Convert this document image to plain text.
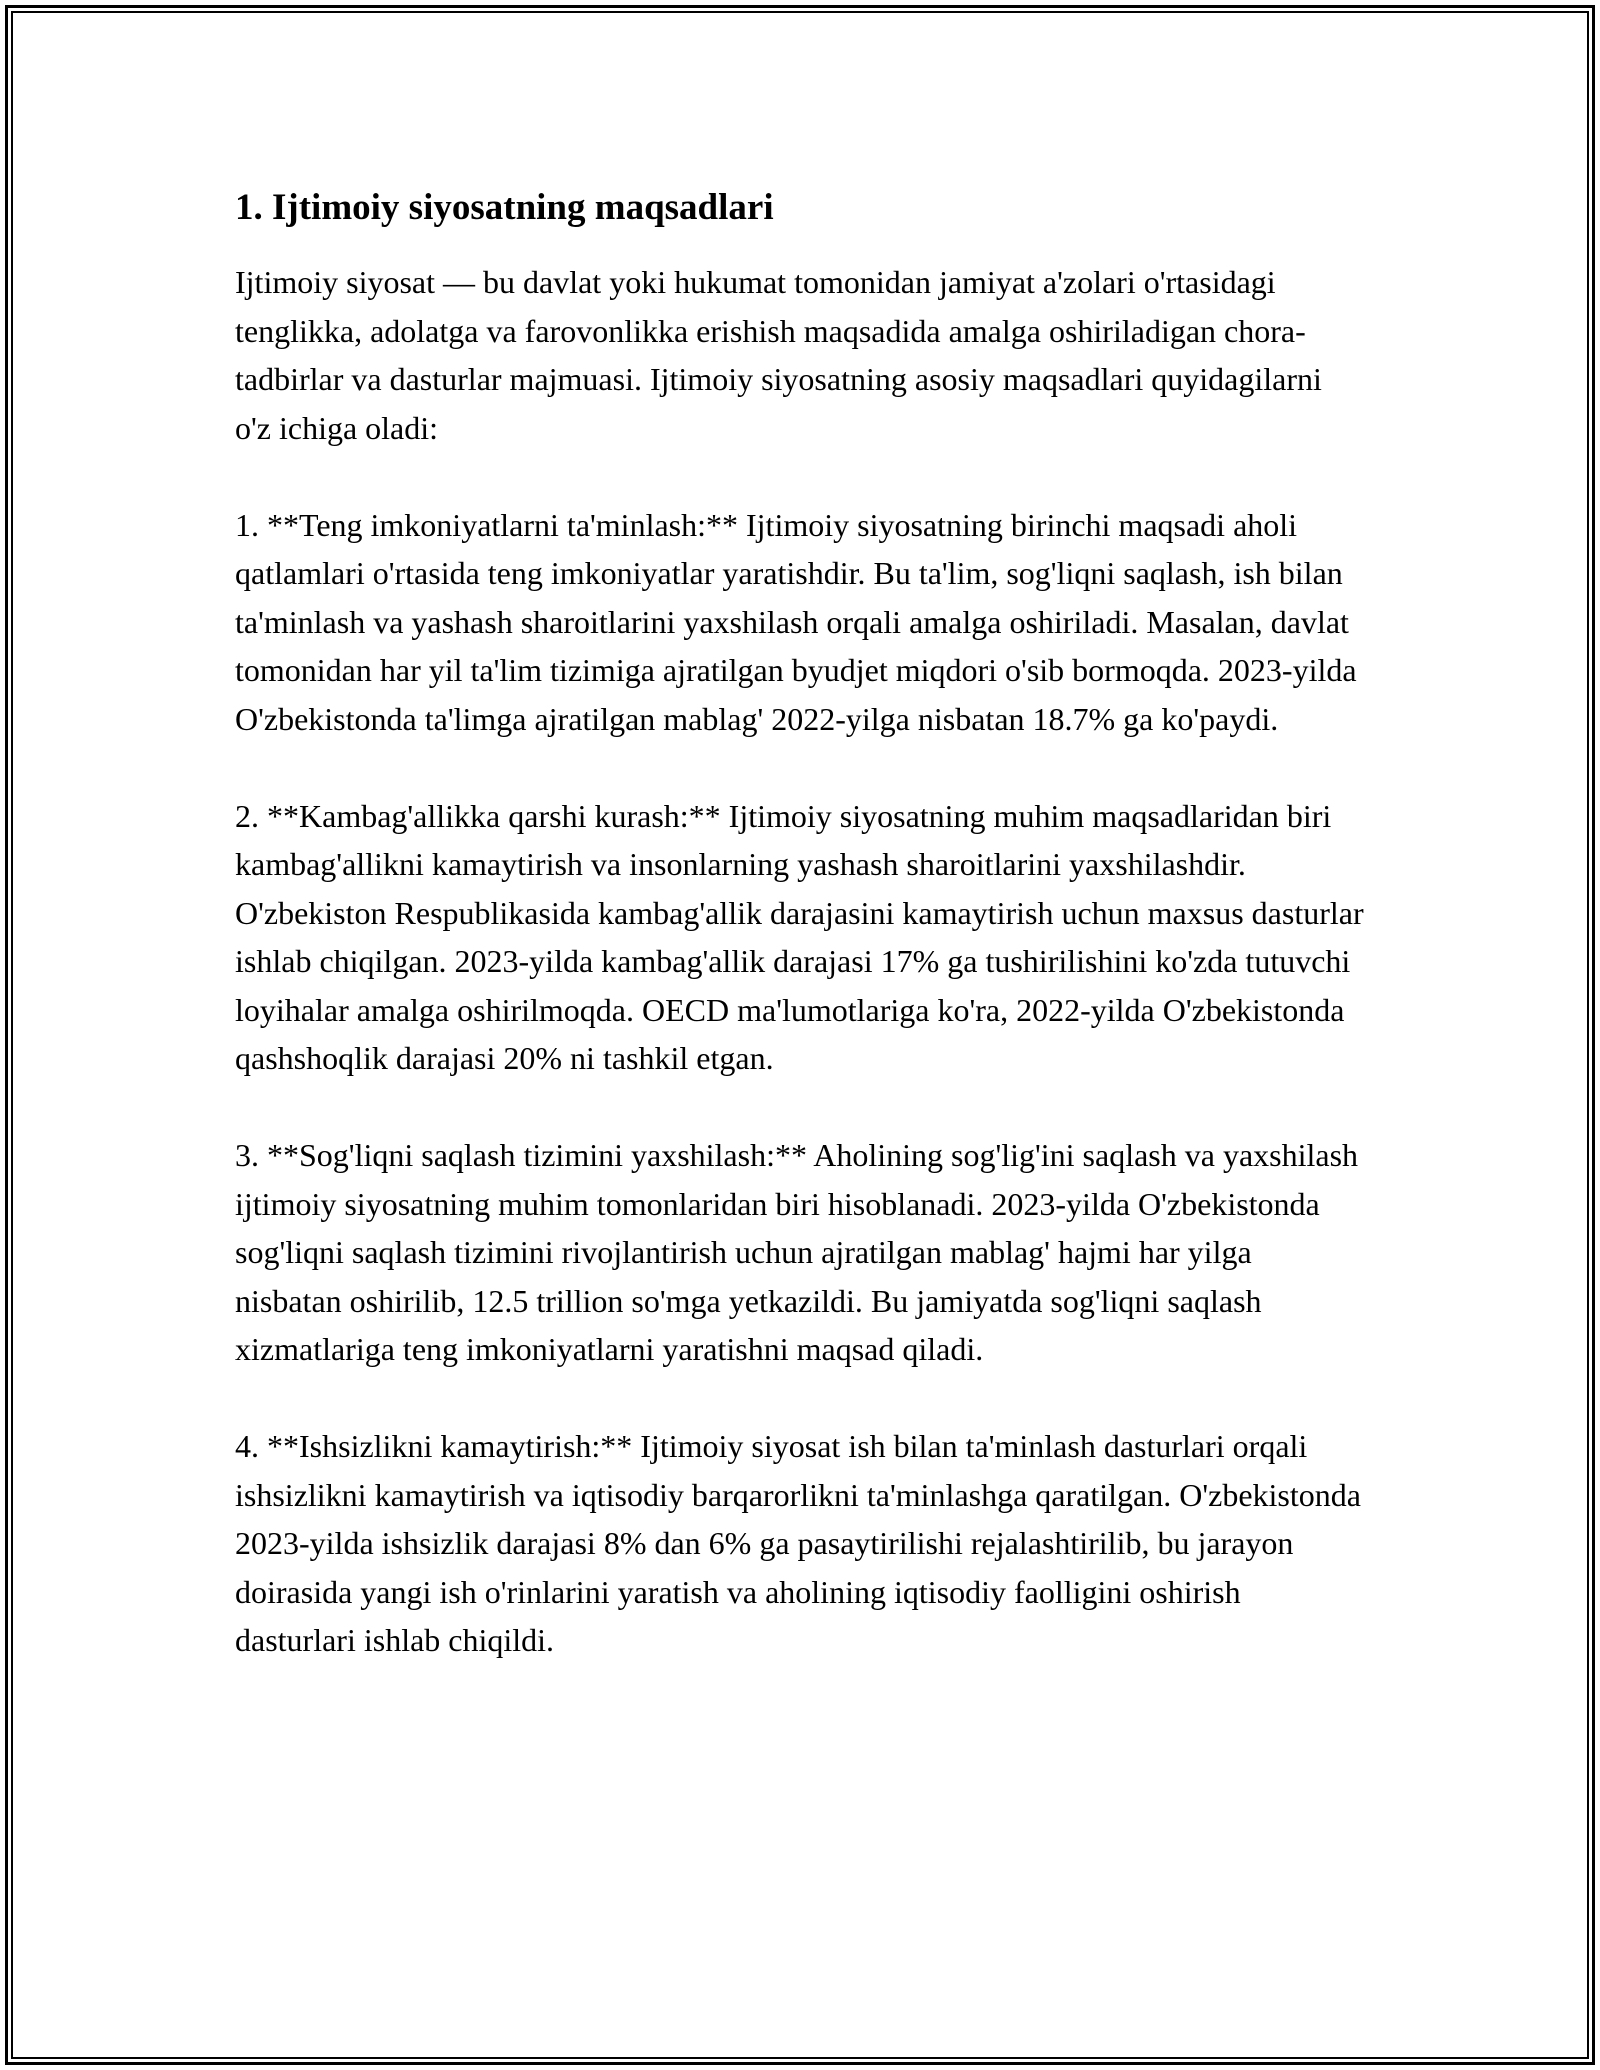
1. Ijtimoiy siyosatning maqsadlari

Ijtimoiy siyosat — bu davlat yoki hukumat tomonidan jamiyat a'zolari o'rtasidagi tenglikka, adolatga va farovonlikka erishish maqsadida amalga oshiriladigan chora-tadbirlar va dasturlar majmuasi. Ijtimoiy siyosatning asosiy maqsadlari quyidagilarni o'z ichiga oladi:

1. **Teng imkoniyatlarni ta'minlash:** Ijtimoiy siyosatning birinchi maqsadi aholi qatlamlari o'rtasida teng imkoniyatlar yaratishdir. Bu ta'lim, sog'liqni saqlash, ish bilan ta'minlash va yashash sharoitlarini yaxshilash orqali amalga oshiriladi. Masalan, davlat tomonidan har yil ta'lim tizimiga ajratilgan byudjet miqdori o'sib bormoqda. 2023-yilda O'zbekistonda ta'limga ajratilgan mablag' 2022-yilga nisbatan 18.7% ga ko'paydi.

2. **Kambag'allikka qarshi kurash:** Ijtimoiy siyosatning muhim maqsadlaridan biri kambag'allikni kamaytirish va insonlarning yashash sharoitlarini yaxshilashdir. O'zbekiston Respublikasida kambag'allik darajasini kamaytirish uchun maxsus dasturlar ishlab chiqilgan. 2023-yilda kambag'allik darajasi 17% ga tushirilishini ko'zda tutuvchi loyihalar amalga oshirilmoqda. OECD ma'lumotlariga ko'ra, 2022-yilda O'zbekistonda qashshoqlik darajasi 20% ni tashkil etgan.

3. **Sog'liqni saqlash tizimini yaxshilash:** Aholining sog'lig'ini saqlash va yaxshilash ijtimoiy siyosatning muhim tomonlaridan biri hisoblanadi. 2023-yilda O'zbekistonda sog'liqni saqlash tizimini rivojlantirish uchun ajratilgan mablag' hajmi har yilga nisbatan oshirilib, 12.5 trillion so'mga yetkazildi. Bu jamiyatda sog'liqni saqlash xizmatlariga teng imkoniyatlarni yaratishni maqsad qiladi.

4. **Ishsizlikni kamaytirish:** Ijtimoiy siyosat ish bilan ta'minlash dasturlari orqali ishsizlikni kamaytirish va iqtisodiy barqarorlikni ta'minlashga qaratilgan. O'zbekistonda 2023-yilda ishsizlik darajasi 8% dan 6% ga pasaytirilishi rejalashtirilib, bu jarayon doirasida yangi ish o'rinlarini yaratish va aholining iqtisodiy faolligini oshirish dasturlari ishlab chiqildi.
